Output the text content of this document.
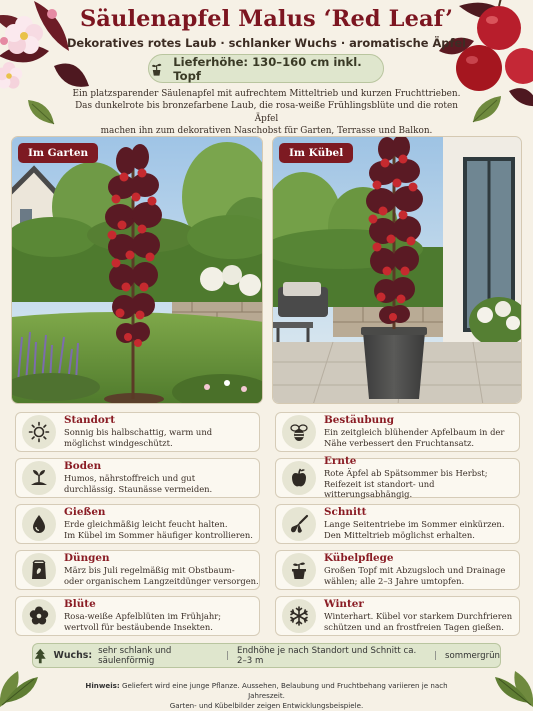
Säulenapfel Malus ‘Red Leaf’
Dekoratives rotes Laub · schlanker Wuchs · aromatische Äpfel
Lieferhöhe: 130–160 cm inkl. Topf
Ein platzsparender Säulenapfel mit aufrechtem Mitteltrieb und kurzen Fruchttrieben.
Das dunkelrote bis bronzefarbene Laub, die rosa-weiße Frühlingsblüte und die roten Äpfel
machen ihn zum dekorativen Naschobst für Garten, Terrasse und Balkon.
Im Garten	Im Kübel
Standort
Sonnig bis halbschattig, warm und
möglichst windgeschützt.
Boden
Humos, nährstoffreich und gut
durchlässig. Staunässe vermeiden.
Gießen
Erde gleichmäßig leicht feucht halten.
Im Kübel im Sommer häufiger kontrollieren.
Düngen
März bis Juli regelmäßig mit Obstbaum-
oder organischem Langzeitdünger versorgen.
Blüte
Rosa-weiße Apfelblüten im Frühjahr;
wertvoll für bestäubende Insekten.
Bestäubung
Ein zeitgleich blühender Apfelbaum in der
Nähe verbessert den Fruchtansatz.
Ernte
Rote Äpfel ab Spätsommer bis Herbst;
Reifezeit ist standort- und witterungsabhängig.
Schnitt
Lange Seitentriebe im Sommer einkürzen.
Den Mitteltrieb möglichst erhalten.
Kübelpflege
Großen Topf mit Abzugsloch und Drainage
wählen; alle 2–3 Jahre umtopfen.
Winter
Winterhart. Kübel vor starkem Durchfrieren
schützen und an frostfreien Tagen gießen.
Wuchs: sehr schlank und säulenförmig	| Endhöhe je nach Standort und Schnitt ca. 2–3 m	| sommergrün
Hinweis: Geliefert wird eine junge Pflanze. Aussehen, Belaubung und Fruchtbehang variieren je nach Jahreszeit.
Garten- und Kübelbilder zeigen Entwicklungsbeispiele.
